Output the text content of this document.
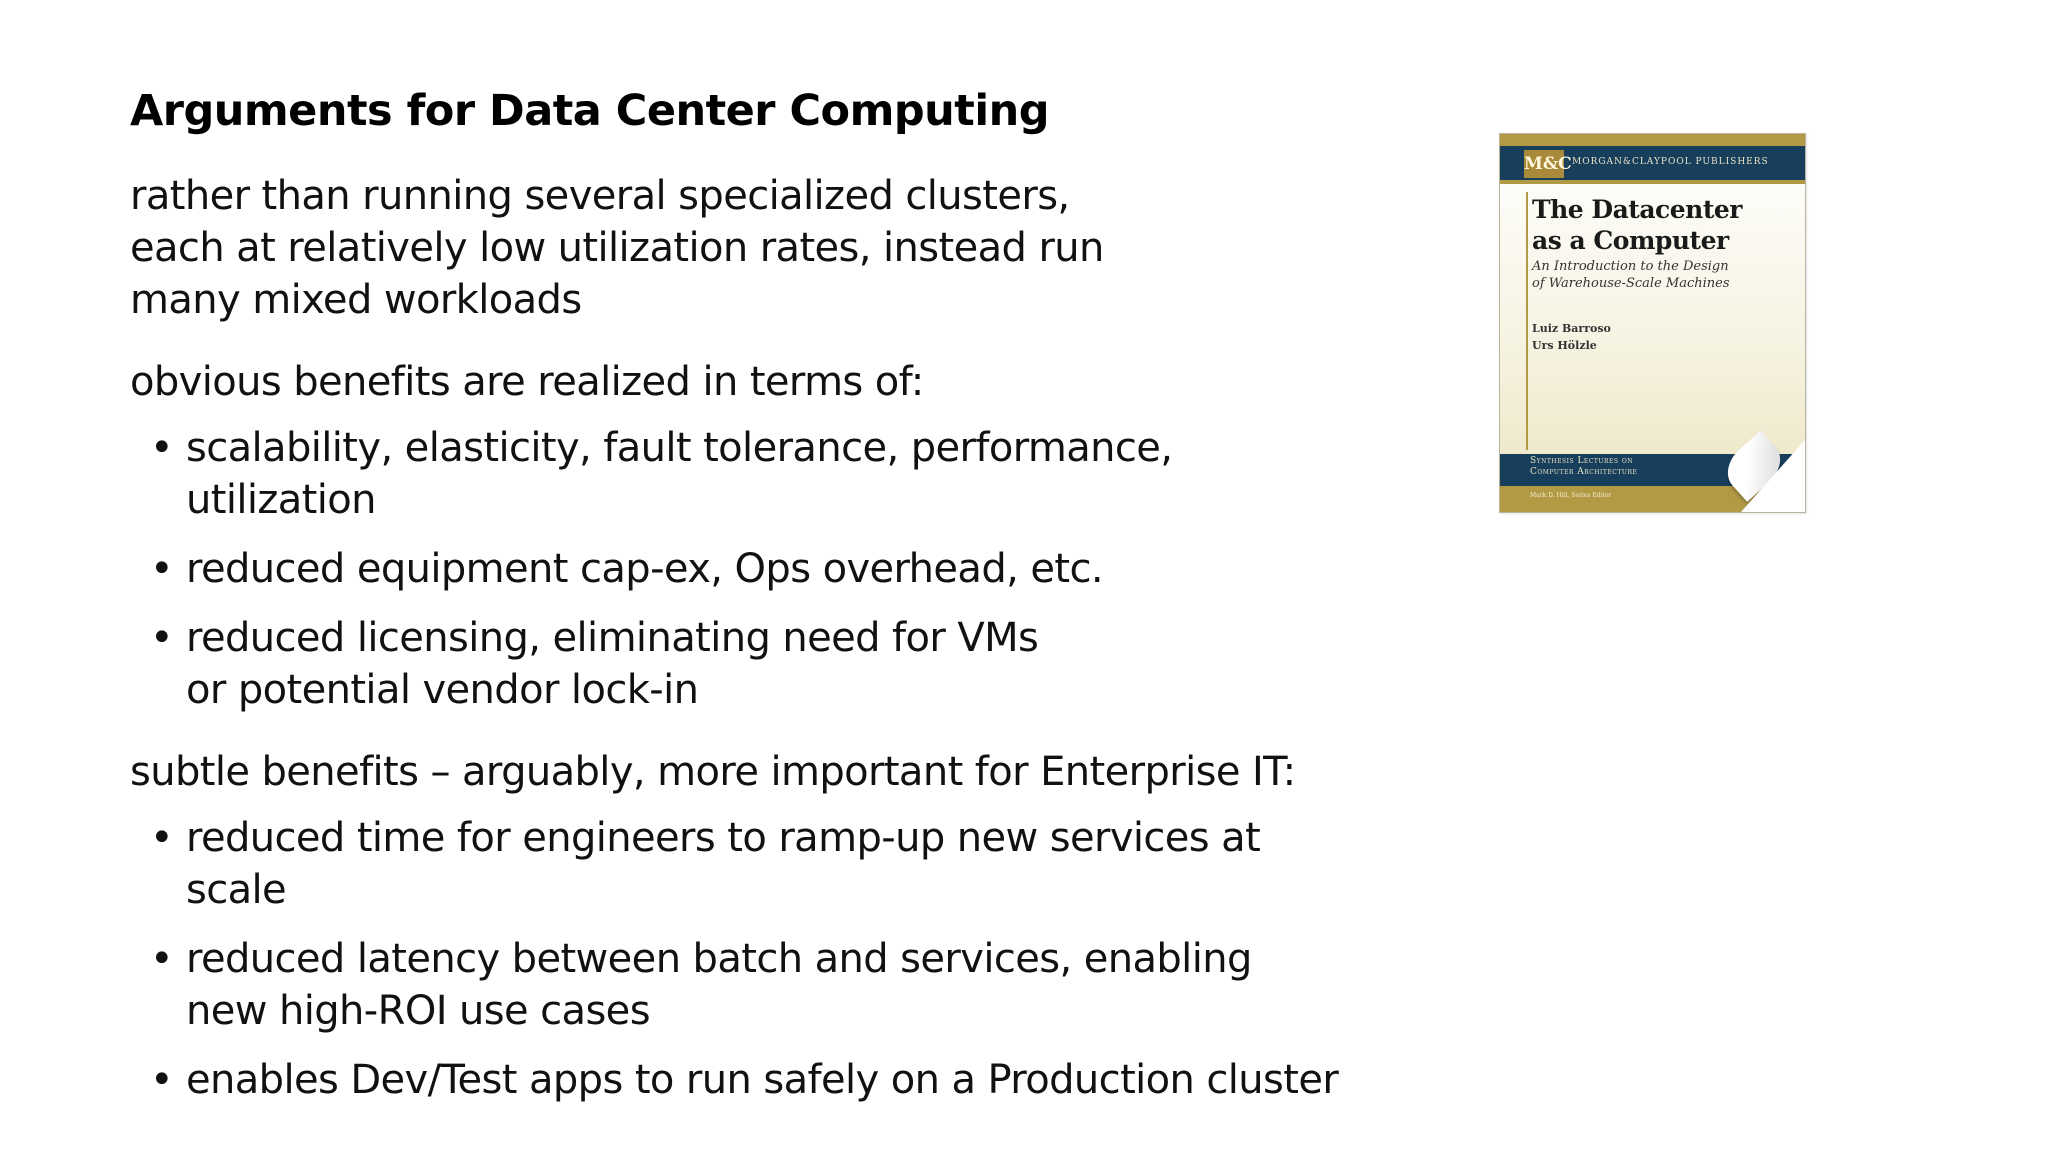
Arguments for Data Center Computing

rather than running several specialized clusters, each at relatively low utilization rates, instead run many mixed workloads

obvious benefits are realized in terms of:

• scalability, elasticity, fault tolerance, performance, utilization
• reduced equipment cap-ex, Ops overhead, etc.
• reduced licensing, eliminating need for VMs or potential vendor lock-in

subtle benefits – arguably, more important for Enterprise IT:

• reduced time for engineers to ramp-up new services at scale
• reduced latency between batch and services, enabling new high-ROI use cases
• enables Dev/Test apps to run safely on a Production cluster
M&C MORGAN&CLAYPOOL PUBLISHERS
The Datacenter
as a Computer
An Introduction to the Design
of Warehouse-Scale Machines
Luiz Barroso
Urs Hölzle
Synthesis Lectures on
Computer Architecture
Mark D. Hill, Series Editor
